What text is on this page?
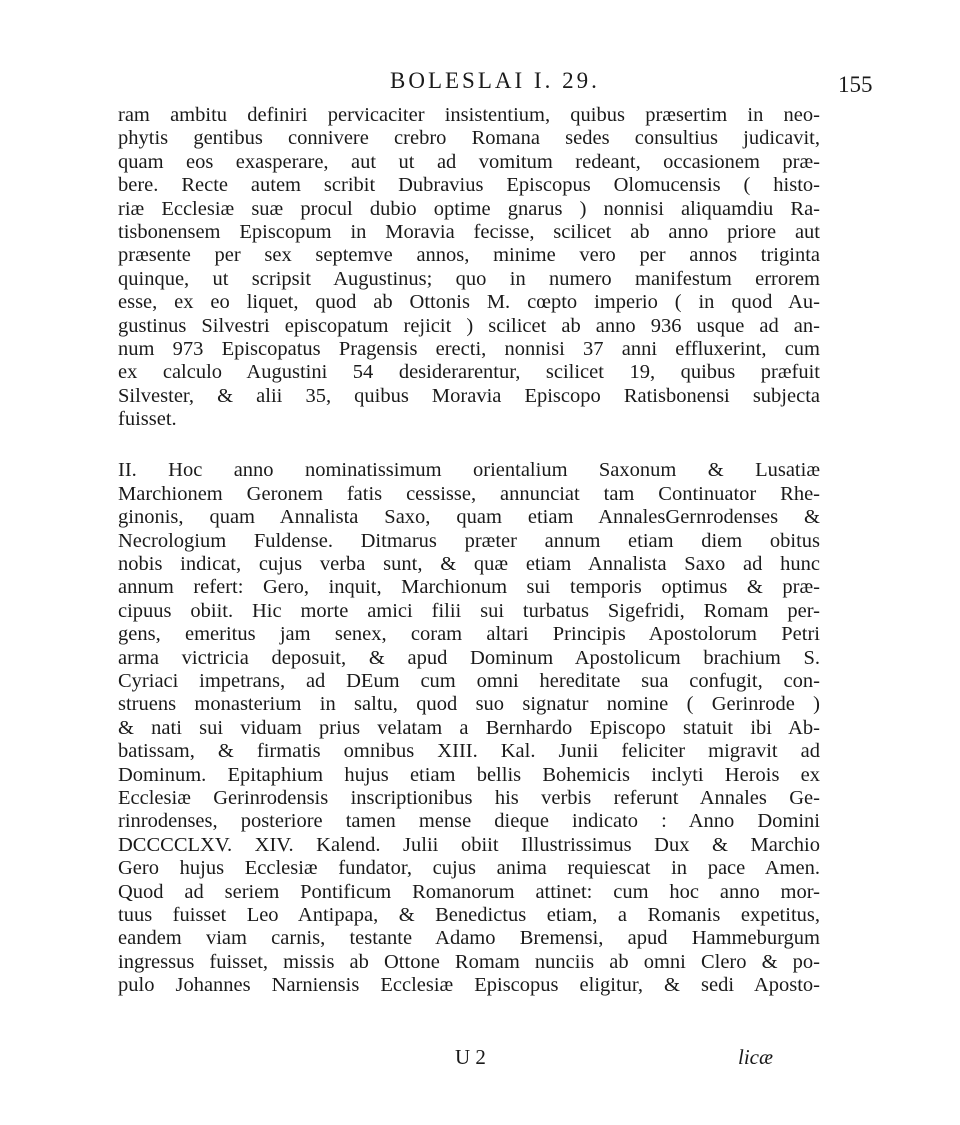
BOLESLAI I. 29.	155
ram ambitu definiri pervicaciter insistentium, quibus præsertim in neo-
phytis gentibus connivere crebro Romana sedes consultius judicavit,
quam eos exasperare, aut ut ad vomitum redeant, occasionem præ-
bere. Recte autem scribit Dubravius Episcopus Olomucensis ( histo-
riæ Ecclesiæ suæ procul dubio optime gnarus ) nonnisi aliquamdiu Ra-
tisbonensem Episcopum in Moravia fecisse, scilicet ab anno priore aut
præsente per sex septemve annos, minime vero per annos triginta
quinque, ut scripsit Augustinus; quo in numero manifestum errorem
esse, ex eo liquet, quod ab Ottonis M. cœpto imperio ( in quod Au-
gustinus Silvestri episcopatum rejicit ) scilicet ab anno 936 usque ad an-
num 973 Episcopatus Pragensis erecti, nonnisi 37 anni effluxerint, cum
ex calculo Augustini 54 desiderarentur, scilicet 19, quibus præfuit
Silvester, & alii 35, quibus Moravia Episcopo Ratisbonensi subjecta
fuisset.
II. Hoc anno nominatissimum orientalium Saxonum & Lusatiæ
Marchionem Geronem fatis cessisse, annunciat tam Continuator Rhe-
ginonis, quam Annalista Saxo, quam etiam AnnalesGernrodenses &
Necrologium Fuldense. Ditmarus præter annum etiam diem obitus
nobis indicat, cujus verba sunt, & quæ etiam Annalista Saxo ad hunc
annum refert: Gero, inquit, Marchionum sui temporis optimus & præ-
cipuus obiit. Hic morte amici filii sui turbatus Sigefridi, Romam per-
gens, emeritus jam senex, coram altari Principis Apostolorum Petri
arma victricia deposuit, & apud Dominum Apostolicum brachium S.
Cyriaci impetrans, ad DEum cum omni hereditate sua confugit, con-
struens monasterium in saltu, quod suo signatur nomine ( Gerinrode )
& nati sui viduam prius velatam a Bernhardo Episcopo statuit ibi Ab-
batissam, & firmatis omnibus XIII. Kal. Junii feliciter migravit ad
Dominum. Epitaphium hujus etiam bellis Bohemicis inclyti Herois ex
Ecclesiæ Gerinrodensis inscriptionibus his verbis referunt Annales Ge-
rinrodenses, posteriore tamen mense dieque indicato : Anno Domini
DCCCCLXV. XIV. Kalend. Julii obiit Illustrissimus Dux & Marchio
Gero hujus Ecclesiæ fundator, cujus anima requiescat in pace Amen.
Quod ad seriem Pontificum Romanorum attinet: cum hoc anno mor-
tuus fuisset Leo Antipapa, & Benedictus etiam, a Romanis expetitus,
eandem viam carnis, testante Adamo Bremensi, apud Hammeburgum
ingressus fuisset, missis ab Ottone Romam nunciis ab omni Clero & po-
pulo Johannes Narniensis Ecclesiæ Episcopus eligitur, & sedi Aposto-
U 2	licæ
